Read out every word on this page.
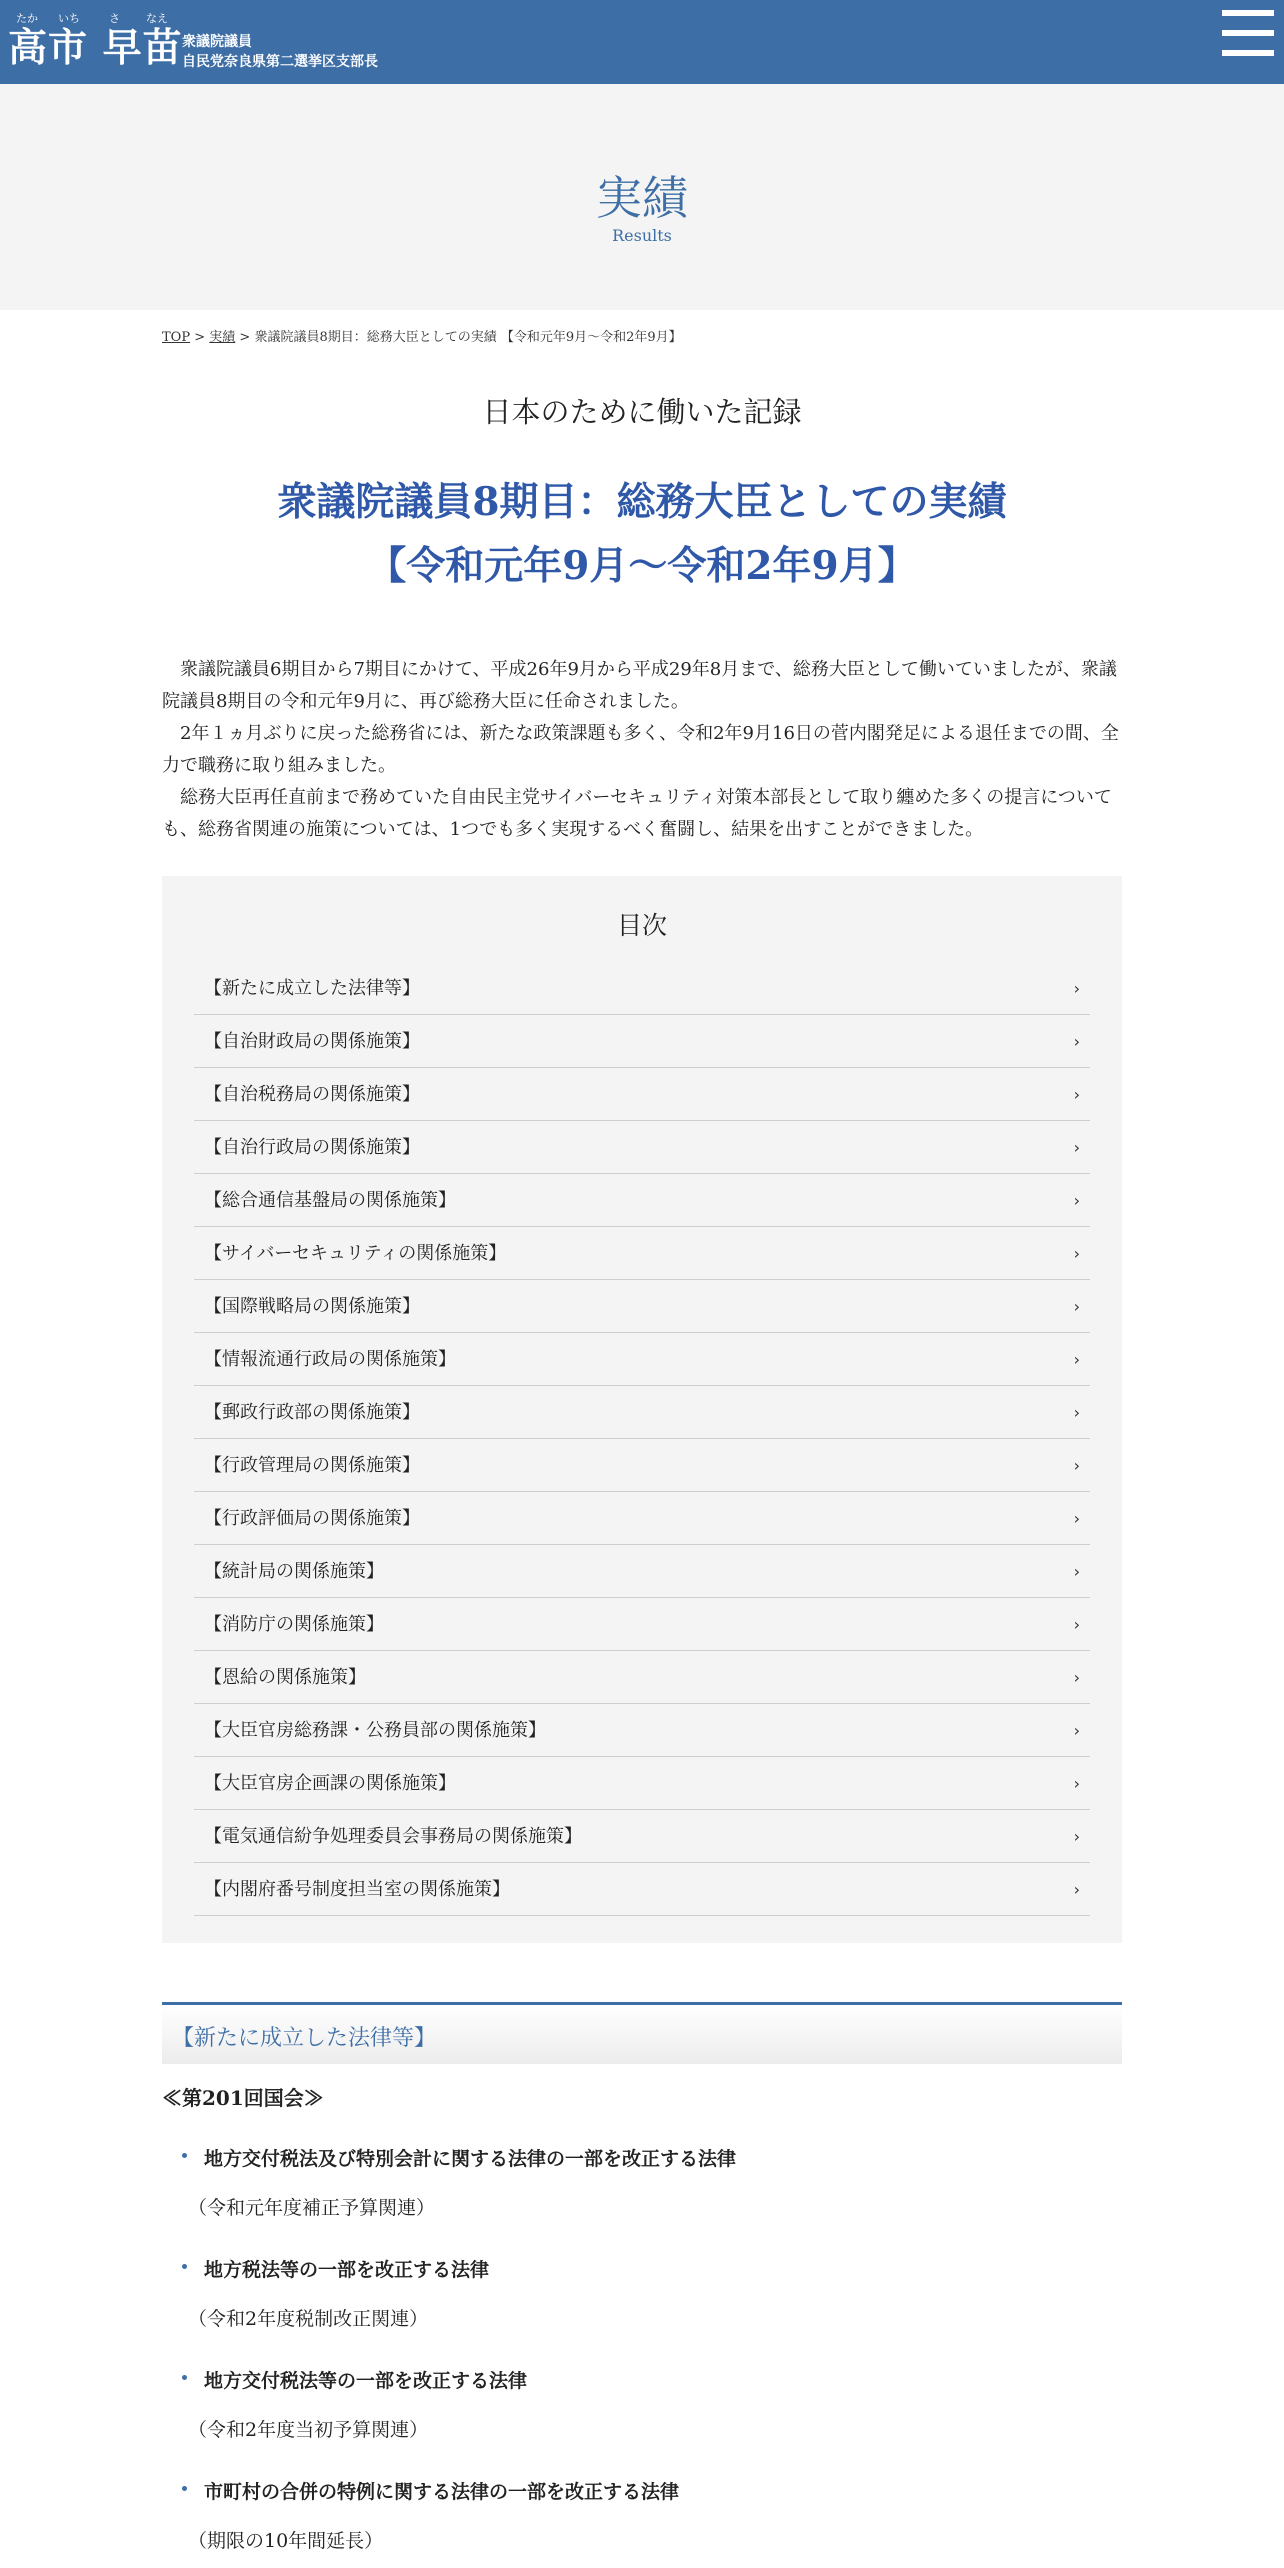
たか いち	さ なえ
高市 早苗 衆議院議員
自民党奈良県第二選挙区支部長
実績

Results

TOP > 実績 > 衆議院議員8期目：総務大臣としての実績 【令和元年9月～令和2年9月】
日本のために働いた記録
衆議院議員8期目：総務大臣としての実績
【令和元年9月～令和2年9月】

　衆議院議員6期目から7期目にかけて、平成26年9月から平成29年8月まで、総務大臣として働いていましたが、衆議院議員8期目の令和元年9月に、再び総務大臣に任命されました。

　2年１ヵ月ぶりに戻った総務省には、新たな政策課題も多く、令和2年9月16日の菅内閣発足による退任までの間、全力で職務に取り組みました。

　総務大臣再任直前まで務めていた自由民主党サイバーセキュリティ対策本部長として取り纏めた多くの提言についても、総務省関連の施策については、1つでも多く実現するべく奮闘し、結果を出すことができました。

目次
【新たに成立した法律等】	›
【自治財政局の関係施策】	›
【自治税務局の関係施策】	›
【自治行政局の関係施策】	›
【総合通信基盤局の関係施策】	›
【サイバーセキュリティの関係施策】	›
【国際戦略局の関係施策】	›
【情報流通行政局の関係施策】	›
【郵政行政部の関係施策】	›
【行政管理局の関係施策】	›
【行政評価局の関係施策】	›
【統計局の関係施策】	›
【消防庁の関係施策】	›
【恩給の関係施策】	›
【大臣官房総務課・公務員部の関係施策】	›
【大臣官房企画課の関係施策】	›
【電気通信紛争処理委員会事務局の関係施策】	›
【内閣府番号制度担当室の関係施策】	›
【新たに成立した法律等】
≪第201回国会≫
地方交付税法及び特別会計に関する法律の一部を改正する法律
（令和元年度補正予算関連）
地方税法等の一部を改正する法律
（令和2年度税制改正関連）
地方交付税法等の一部を改正する法律
（令和2年度当初予算関連）
市町村の合併の特例に関する法律の一部を改正する法律
（期限の10年間延長）
